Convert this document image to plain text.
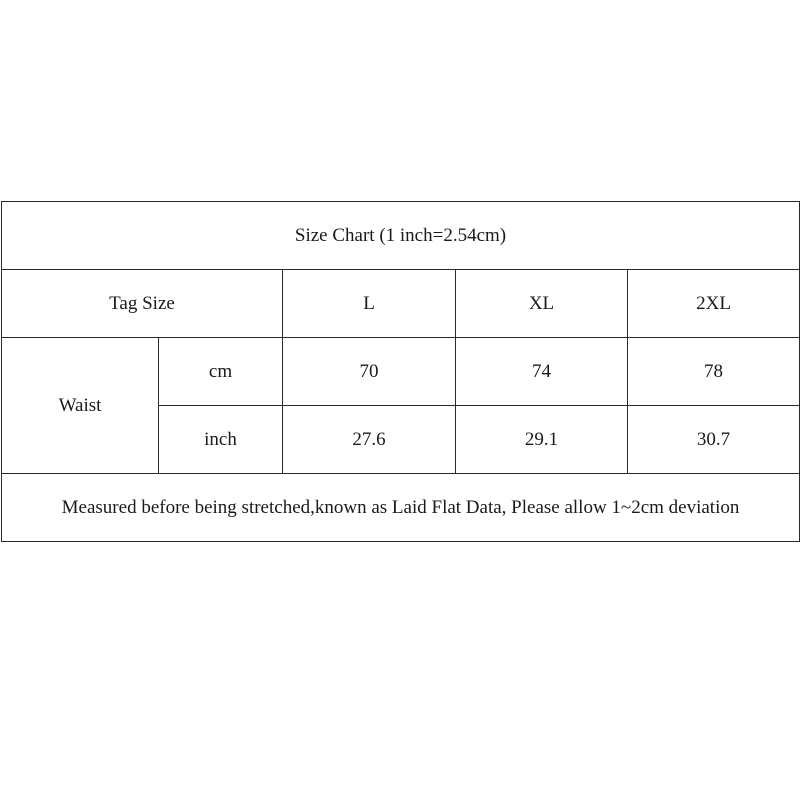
Size Chart (1 inch=2.54cm)				
Tag Size		L	XL	2XL
Waist	cm	70	74	78
	inch	27.6	29.1	30.7
Measured before being stretched,known as Laid Flat Data, Please allow 1~2cm deviation				
